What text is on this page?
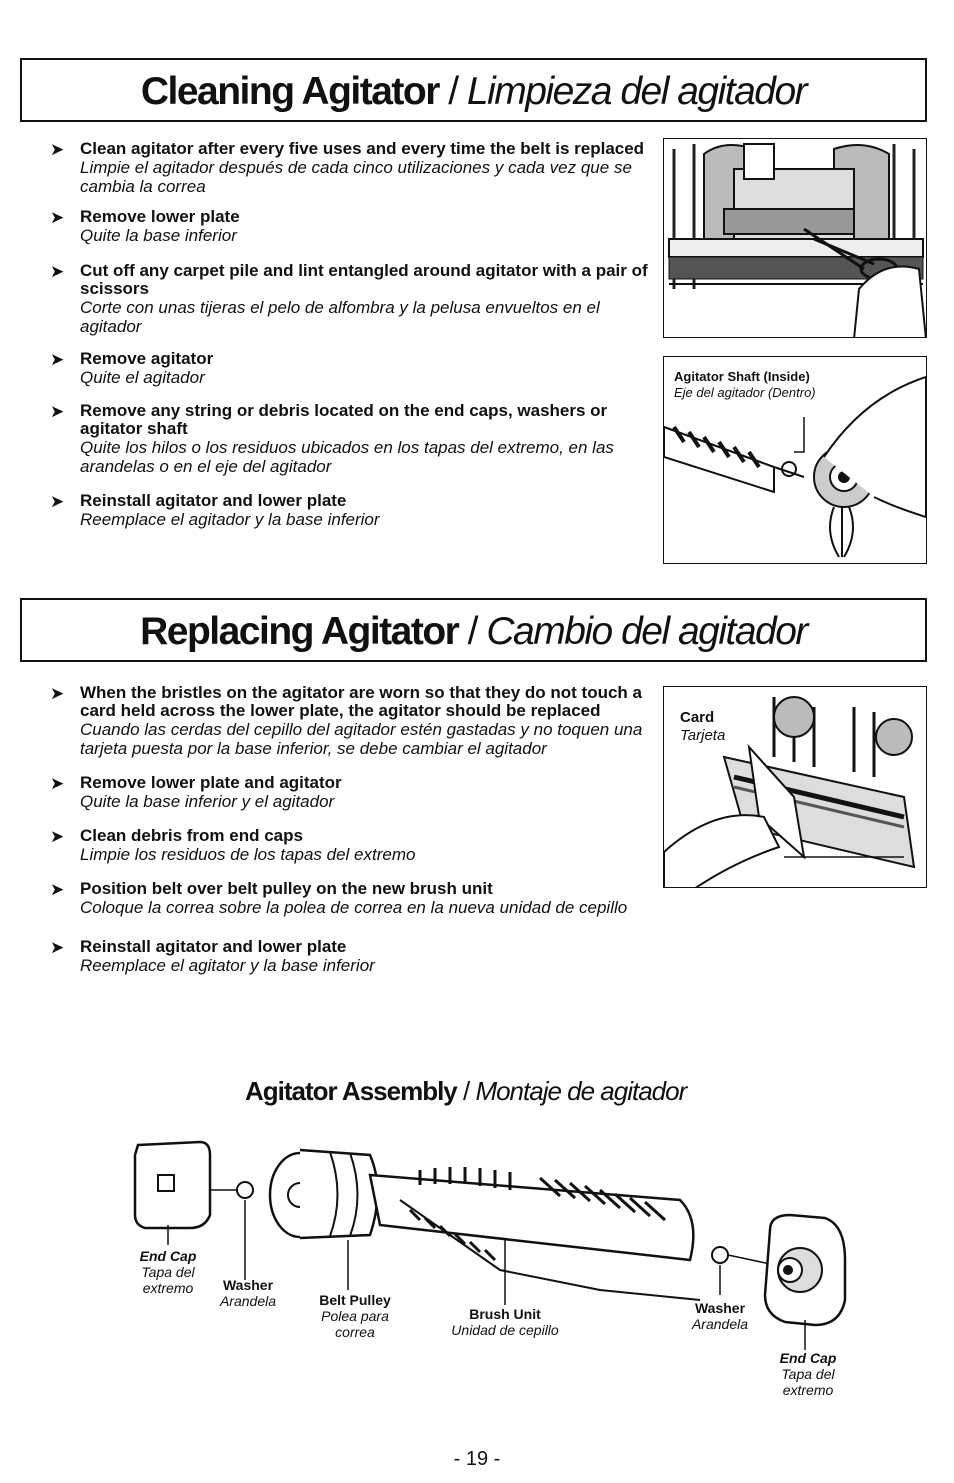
Cleaning Agitator / Limpieza del agitador
➤ Clean agitator after every five uses and every time the belt is replaced
Limpie el agitador después de cada cinco utilizaciones y cada vez que se cambia la correa
➤ Remove lower plate
Quite la base inferior
➤ Cut off any carpet pile and lint entangled around agitator with a pair of scissors
Corte con unas tijeras el pelo de alfombra y la pelusa envueltos en el agitador
➤ Remove agitator
Quite el agitador
➤ Remove any string or debris located on the end caps, washers or agitator shaft
Quite los hilos o los residuos ubicados en los tapas del extremo, en las arandelas o en el eje del agitador
➤ Reinstall agitator and lower plate
Reemplace el agitador y la base inferior
Agitator Shaft (Inside)
Eje del agitador (Dentro)
Replacing Agitator / Cambio del agitador
➤ When the bristles on the agitator are worn so that they do not touch a card held across the lower plate, the agitator should be replaced
Cuando las cerdas del cepillo del agitador estén gastadas y no toquen una tarjeta puesta por la base inferior, se debe cambiar el agitador
➤ Remove lower plate and agitator
Quite la base inferior y el agitador
➤ Clean debris from end caps
Limpie los residuos de los tapas del extremo
➤ Position belt over belt pulley on the new brush unit
Coloque la correa sobre la polea de correa en la nueva unidad de cepillo
➤ Reinstall agitator and lower plate
Reemplace el agitator y la base inferior
Card
Tarjeta
Agitator Assembly / Montaje de agitador
End Cap
Tapa del
extremo	Washer
Arandela	Belt Pulley
Polea para
correa
Brush Unit
Unidad de cepillo
Washer
Arandela
End Cap
Tapa del
extremo
- 19 -
